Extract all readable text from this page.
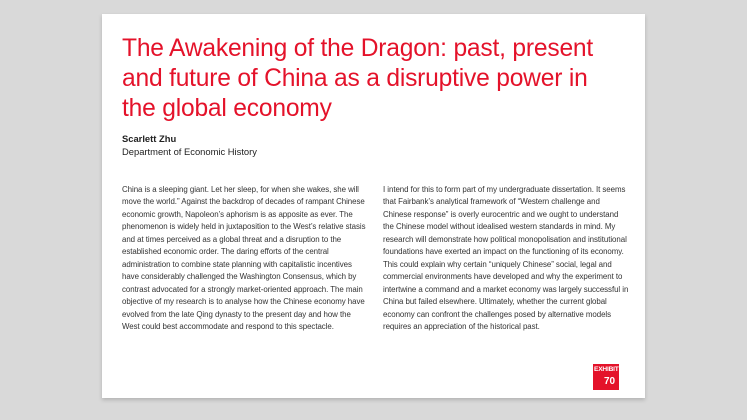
The Awakening of the Dragon: past, present and future of China as a disruptive power in the global economy
Scarlett Zhu
Department of Economic History

China is a sleeping giant. Let her sleep, for when she wakes, she will move the world.” Against the backdrop of decades of rampant Chinese economic growth, Napoleon’s aphorism is as apposite as ever. The phenomenon is widely held in juxtaposition to the West’s relative stasis and at times perceived as a global threat and a disruption to the established economic order. The daring efforts of the central administration to combine state planning with capitalistic incentives have considerably challenged the Washington Consensus, which by contrast advocated for a strongly market-oriented approach. The main objective of my research is to analyse how the Chinese economy have evolved from the late Qing dynasty to the present day and how the West could best accommodate and respond to this spectacle.

I intend for this to form part of my undergraduate dissertation. It seems that Fairbank’s analytical framework of “Western challenge and Chinese response” is overly eurocentric and we ought to understand the Chinese model without idealised western standards in mind. My research will demonstrate how political monopolisation and institutional foundations have exerted an impact on the functioning of its economy. This could explain why certain “uniquely Chinese” social, legal and commercial environments have developed and why the experiment to intertwine a command and a market economy was largely successful in China but failed elsewhere. Ultimately, whether the current global economy can confront the challenges posed by alternative models requires an appreciation of the historical past.

EXHIBIT
70
